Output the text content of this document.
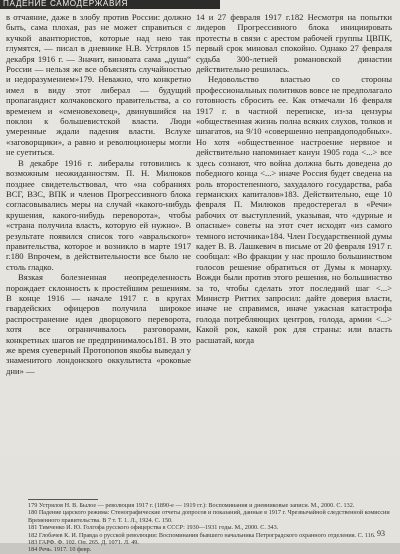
ПАДЕНИЕ САМОДЕРЖАВИЯ

в отчаяние, даже в злобу против России: должно быть, сама плохая, раз не может справиться с кучкой авантюристов, которые над нею так глумятся, — писал в дневнике Н.В. Устрялов 15 декабря 1916 г. — Значит, виновата сама „душа“ России — нельзя же все объяснять случайностью и недоразумением»179. Неважно, что конкретно имел в виду этот либерал — будущий пропагандист колчаковского правительства, а со временем и «сменовеховец», двинувшийся на поклон к большевистской власти. Люди умеренные ждали падения власти. Вслухе «заговорщики», а равно и революционеры могли не суетиться.

В декабре 1916 г. либералы готовились к возможным неожиданностям. П. Н. Милюков позднее свидетельствовал, что «на собраниях ВСГ, ВЗС, ВПК и членов Прогрессивного блока согласовывались меры на случай «какого-нибудь крушения, какого-нибудь переворота», чтобы «страна получила власть, которую ей нужно». В результате появился список того «авральского» правительства, которое и возникло в марте 1917 г.180 Впрочем, в действительности все было не столь гладко.

Вязкая болезненная неопределенность порождает склонность к простейшим решениям. В конце 1916 — начале 1917 г. в кругах гвардейских офицеров получила широкое распространение идея дворцового переворота, хотя все ограничивалось разговорами, конкретных шагов не предпринималось181. В это же время суеверный Протопопов якобы выведал у знаменитого лондонского оккультиста «роковые дни» —

14 и 27 февраля 1917 г.182 Несмотря на попытки лидеров Прогрессивного блока инициировать протесты в связи с арестом рабочей группы ЦВПК, первый срок миновал спокойно. Однако 27 февраля судьба 300-летней романовской династии действительно решилась.

Недовольство властью со стороны профессиональных политиков вовсе не предполагало готовность сбросить ее. Как отмечали 16 февраля 1917 г. в частной переписке, из-за цензуры «общественная жизнь полна всяких слухов, толков и шпагатов, на 9/10 «совершенно неправдоподобных». Но хотя «общественное настроение нервное и действительно напоминает канун 1905 года <...> все здесь сознают, что война должна быть доведена до победного конца <...> иначе Россия будет сведена на роль второстепенного, захудалого государства, раба германских капиталов»183. Действительно, еще 10 февраля П. Милюков предостерегал в «Речи» рабочих от выступлений, указывая, что «дурные и опасные» советы на этот счет исходят «из самого темного источника»184. Член Государственной думы кадет В. В. Лашкевич в письме от 20 февраля 1917 г. сообщал: «Во фракции у нас прошло большинством голосов решение обратиться от Думы к монарху. Вожди были против этого решения, но большинство за то, чтобы сделать этот последний шаг <...> Министр Риттих запросил: дайте доверия власти, иначе не справимся, иначе ужасная катастрофа голода потребляющих центров, голода, армии <...> Какой рок, какой рок для страны: или власть расшатай, когда

179 Устрялов Н. В. Былое — революция 1917 г. (1890-е — 1919 гг.): Воспоминания и дневниковые записи. М., 2000. С. 132.
180 Падение царского режима: Стенографические отчеты допросов и показаний, данные в 1917 г. Чрезвычайной следственной комиссии Временного правительства. В 7 т. Т. 1. Л., 1924. С. 150.
181 Тимченко И. Ю. Голгофа русского офицерства в СССР: 1930—1931 годы. М., 2000. С. 343.
182 Глобачев К. И. Правда о русской революции: Воспоминания бывшего начальника Петроградского охранного отделения. С. 116.
183 ГАРФ. Ф. 102. Оп. 265. Д. 1071. Л. 49.
184 Речь. 1917. 10 февр.
93
